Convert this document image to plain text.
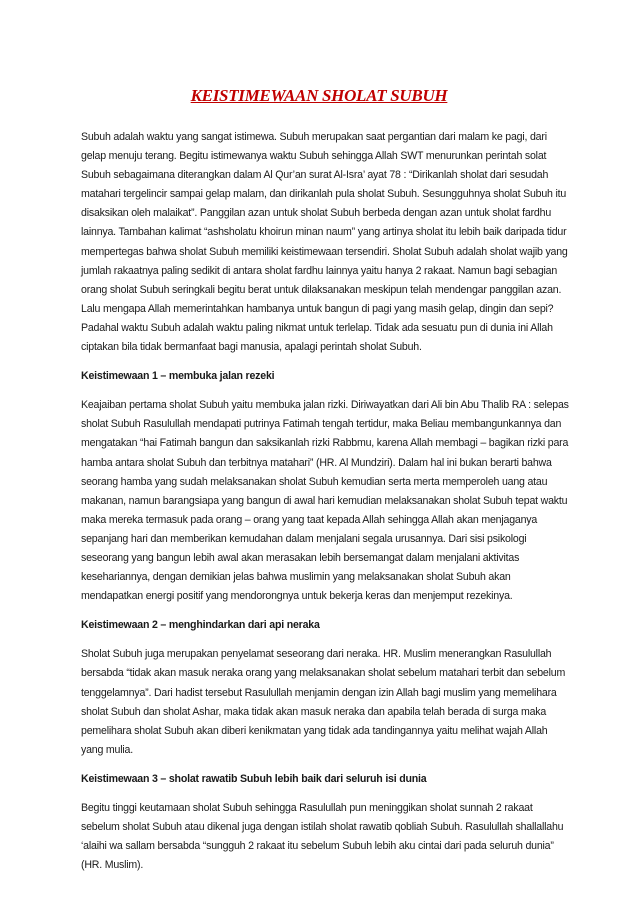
KEISTIMEWAAN SHOLAT SUBUH

Subuh adalah waktu yang sangat istimewa. Subuh merupakan saat pergantian dari malam ke pagi, dari gelap menuju terang. Begitu istimewanya waktu Subuh sehingga Allah SWT menurunkan perintah solat Subuh sebagaimana diterangkan dalam Al Qur’an surat Al-Isra’ ayat 78 : “Dirikanlah sholat dari sesudah matahari tergelincir sampai gelap malam, dan dirikanlah pula sholat Subuh. Sesungguhnya sholat Subuh itu disaksikan oleh malaikat”. Panggilan azan untuk sholat Subuh berbeda dengan azan untuk sholat fardhu lainnya. Tambahan kalimat “ashsholatu khoirun minan naum” yang artinya sholat itu lebih baik daripada tidur mempertegas bahwa sholat Subuh memiliki keistimewaan tersendiri. Sholat Subuh adalah sholat wajib yang jumlah rakaatnya paling sedikit di antara sholat fardhu lainnya yaitu hanya 2 rakaat. Namun bagi sebagian orang sholat Subuh seringkali begitu berat untuk dilaksanakan meskipun telah mendengar panggilan azan. Lalu mengapa Allah memerintahkan hambanya untuk bangun di pagi yang masih gelap, dingin dan sepi? Padahal waktu Subuh adalah waktu paling nikmat untuk terlelap. Tidak ada sesuatu pun di dunia ini Allah ciptakan bila tidak bermanfaat bagi manusia, apalagi perintah sholat Subuh.

Keistimewaan 1 – membuka jalan rezeki

Keajaiban pertama sholat Subuh yaitu membuka jalan rizki. Diriwayatkan dari Ali bin Abu Thalib RA : selepas sholat Subuh Rasulullah mendapati putrinya Fatimah tengah tertidur, maka Beliau membangunkannya dan mengatakan “hai Fatimah bangun dan saksikanlah rizki Rabbmu, karena Allah membagi – bagikan rizki para hamba antara sholat Subuh dan terbitnya matahari” (HR. Al Mundziri). Dalam hal ini bukan berarti bahwa seorang hamba yang sudah melaksanakan sholat Subuh kemudian serta merta memperoleh uang atau makanan, namun barangsiapa yang bangun di awal hari kemudian melaksanakan sholat Subuh tepat waktu maka mereka termasuk pada orang – orang yang taat kepada Allah sehingga Allah akan menjaganya sepanjang hari dan memberikan kemudahan dalam menjalani segala urusannya. Dari sisi psikologi seseorang yang bangun lebih awal akan merasakan lebih bersemangat dalam menjalani aktivitas kesehariannya, dengan demikian jelas bahwa muslimin yang melaksanakan sholat Subuh akan mendapatkan energi positif yang mendorongnya untuk bekerja keras dan menjemput rezekinya.

Keistimewaan 2 – menghindarkan dari api neraka

Sholat Subuh juga merupakan penyelamat seseorang dari neraka. HR. Muslim menerangkan Rasulullah bersabda “tidak akan masuk neraka orang yang melaksanakan sholat sebelum matahari terbit dan sebelum tenggelamnya”. Dari hadist tersebut Rasulullah menjamin dengan izin Allah bagi muslim yang memelihara sholat Subuh dan sholat Ashar, maka tidak akan masuk neraka dan apabila telah berada di surga maka pemelihara sholat Subuh akan diberi kenikmatan yang tidak ada tandingannya yaitu melihat wajah Allah yang mulia.

Keistimewaan 3 – sholat rawatib Subuh lebih baik dari seluruh isi dunia

Begitu tinggi keutamaan sholat Subuh sehingga Rasulullah pun meninggikan sholat sunnah 2 rakaat sebelum sholat Subuh atau dikenal juga dengan istilah sholat rawatib qobliah Subuh. Rasulullah shallallahu ‘alaihi wa sallam bersabda “sungguh 2 rakaat itu sebelum Subuh lebih aku cintai dari pada seluruh dunia” (HR. Muslim).
